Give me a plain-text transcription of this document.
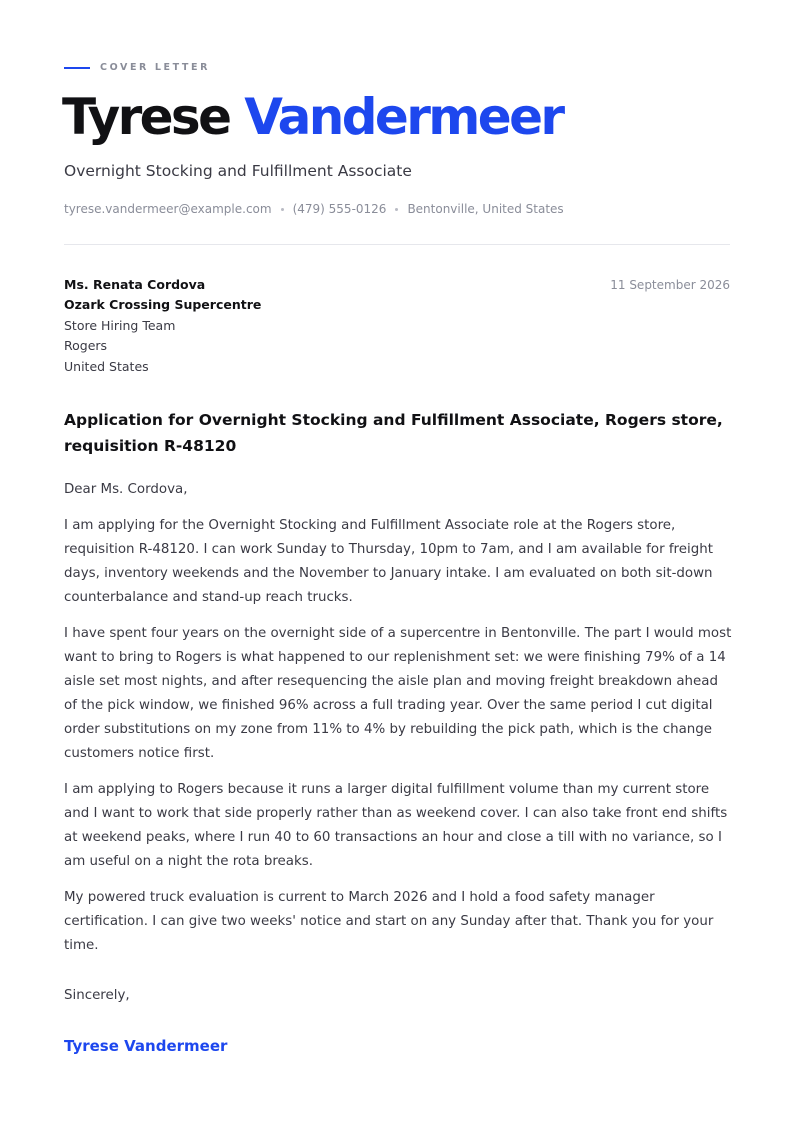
COVER LETTER
Tyrese Vandermeer
Overnight Stocking and Fulfillment Associate
tyrese.vandermeer@example.com (479) 555-0126 Bentonville, United States
Ms. Renata Cordova
Ozark Crossing Supercentre
Store Hiring Team
Rogers
United States
11 September 2026
Application for Overnight Stocking and Fulfillment Associate, Rogers store, requisition R-48120

Dear Ms. Cordova,

I am applying for the Overnight Stocking and Fulfillment Associate role at the Rogers store, requisition R-48120. I can work Sunday to Thursday, 10pm to 7am, and I am available for freight days, inventory weekends and the November to January intake. I am evaluated on both sit-down counterbalance and stand-up reach trucks.

I have spent four years on the overnight side of a supercentre in Bentonville. The part I would most want to bring to Rogers is what happened to our replenishment set: we were finishing 79% of a 14 aisle set most nights, and after resequencing the aisle plan and moving freight breakdown ahead of the pick window, we finished 96% across a full trading year. Over the same period I cut digital order substitutions on my zone from 11% to 4% by rebuilding the pick path, which is the change customers notice first.

I am applying to Rogers because it runs a larger digital fulfillment volume than my current store and I want to work that side properly rather than as weekend cover. I can also take front end shifts at weekend peaks, where I run 40 to 60 transactions an hour and close a till with no variance, so I am useful on a night the rota breaks.

My powered truck evaluation is current to March 2026 and I hold a food safety manager certification. I can give two weeks' notice and start on any Sunday after that. Thank you for your time.

Sincerely,
Tyrese Vandermeer
